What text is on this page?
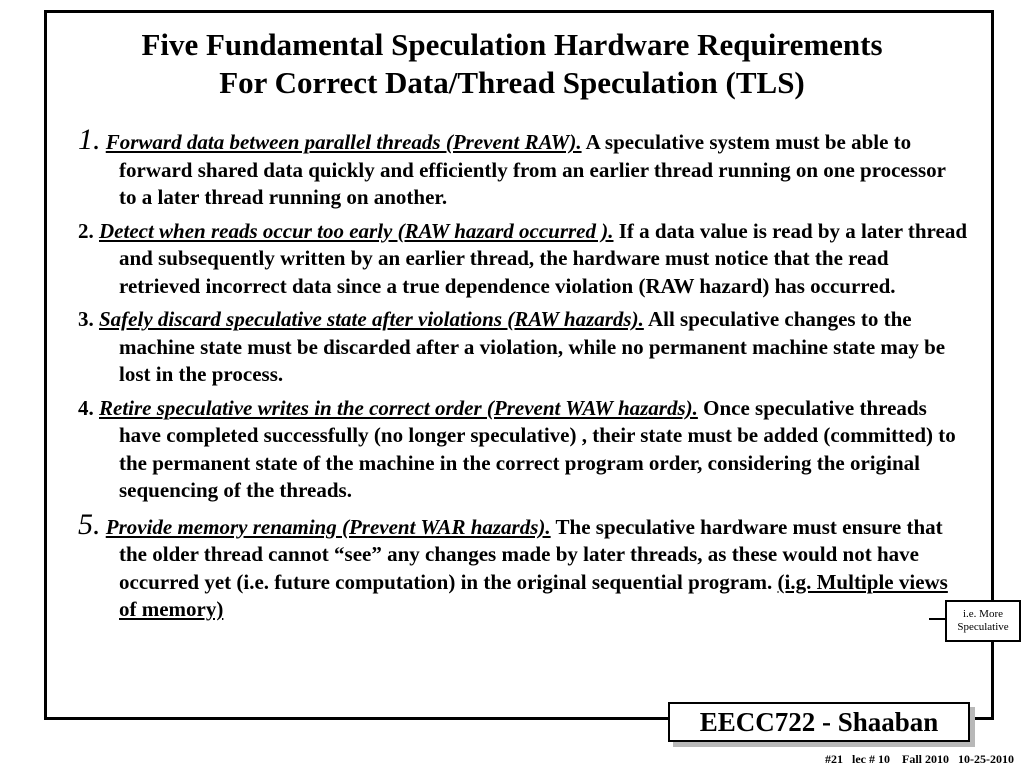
Five Fundamental Speculation Hardware Requirements
For Correct Data/Thread Speculation (TLS)

1. Forward data between parallel threads (Prevent RAW). A speculative system must be able to forward shared data quickly and efficiently from an earlier thread running on one processor to a later thread running on another.

2. Detect when reads occur too early (RAW hazard occurred ). If a data value is read by a later thread and subsequently written by an earlier thread, the hardware must notice that the read retrieved incorrect data since a true dependence violation (RAW hazard) has occurred.

3. Safely discard speculative state after violations (RAW hazards). All speculative changes to the machine state must be discarded after a violation, while no permanent machine state may be lost in the process.

4. Retire speculative writes in the correct order (Prevent WAW hazards). Once speculative threads have completed successfully (no longer speculative) , their state must be added (committed) to the permanent state of the machine in the correct program order, considering the original sequencing of the threads.

5. Provide memory renaming (Prevent WAR hazards). The speculative hardware must ensure that the older thread cannot “see” any changes made by later threads, as these would not have occurred yet (i.e. future computation) in the original sequential program. (i.g. Multiple views of memory)	i.e. More
Speculative
EECC722 - Shaaban
#21   lec # 10    Fall 2010   10-25-2010
